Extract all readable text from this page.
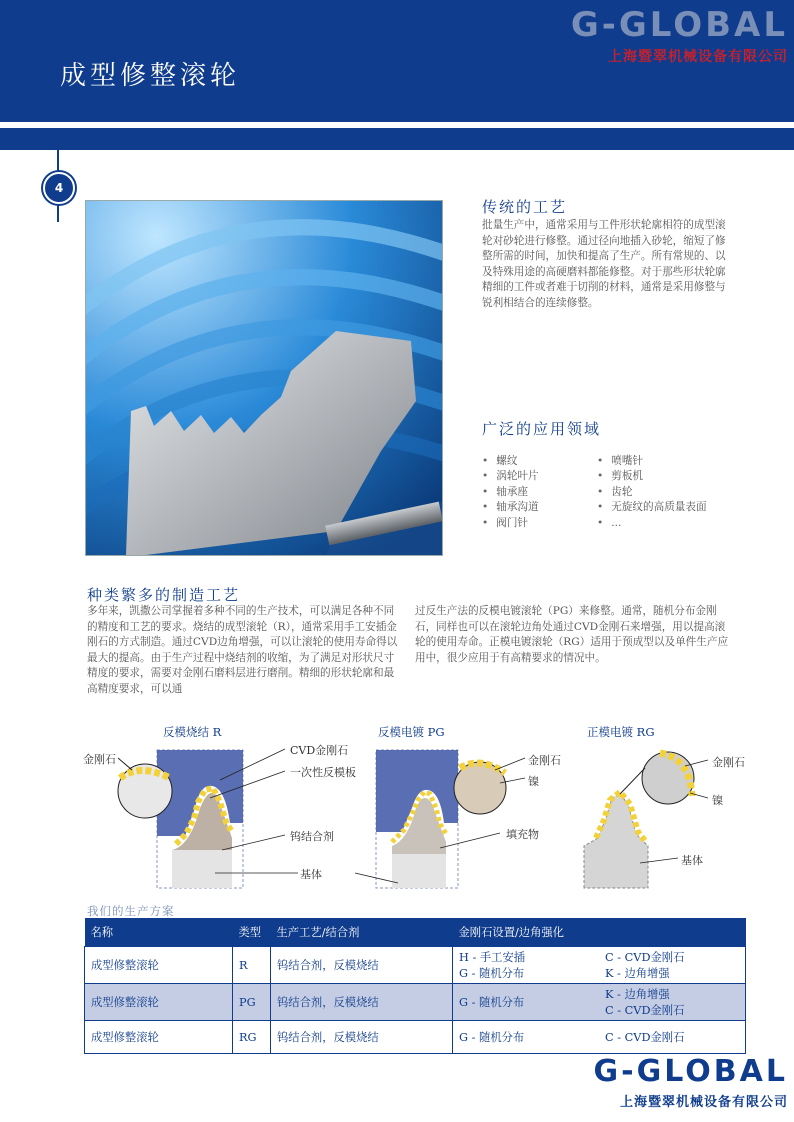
成型修整滚轮
G-GLOBAL
上海暨翠机械设备有限公司
4
传统的工艺
批量生产中，通常采用与工件形状轮廓相符的成型滚轮对砂轮进行修整。通过径向地插入砂轮，缩短了修整所需的时间，加快和提高了生产。所有常规的、以及特殊用途的高硬磨料都能修整。对于那些形状轮廓精细的工件或者难于切削的材料，通常是采用修整与锐利相结合的连续修整。
广泛的应用领域
• 螺纹
• 涡轮叶片
• 轴承座
• 轴承沟道
• 阀门针
• 喷嘴针
• 剪板机
• 齿轮
• 无旋纹的高质量表面
• ...
种类繁多的制造工艺
多年来，凯撒公司掌握着多种不同的生产技术，可以满足各种不同的精度和工艺的要求。烧结的成型滚轮（R），通常采用手工安插金刚石的方式制造。通过CVD边角增强，可以让滚轮的使用寿命得以最大的提高。由于生产过程中烧结剂的收缩，为了满足对形状尺寸精度的要求，需要对金刚石磨料层进行磨削。精细的形状轮廓和最高精度要求，可以通
过反生产法的反模电镀滚轮（PG）来修整。通常，随机分布金刚石，同样也可以在滚轮边角处通过CVD金刚石来增强，用以提高滚轮的使用寿命。正模电镀滚轮（RG）适用于预成型以及单件生产应用中，很少应用于有高精要求的情况中。
反模烧结 R	反模电镀 PG	正模电镀 RG
金刚石
CVD金刚石
一次性反模板
钨结合剂
基体
金刚石
镍
填充物
金刚石
镍
基体
我们的生产方案
名称	类型	生产工艺/结合剂	金刚石设置/边角强化
成型修整滚轮	R	钨结合剂，反模烧结	H - 手工安插
G - 随机分布
C - CVD金刚石
K - 边角增强

成型修整滚轮	PG	钨结合剂，反模烧结	G - 随机分布
K - 边角增强
C - CVD金刚石

成型修整滚轮	RG	钨结合剂，反模烧结	G - 随机分布 C - CVD金刚石
G-GLOBAL
上海暨翠机械设备有限公司
